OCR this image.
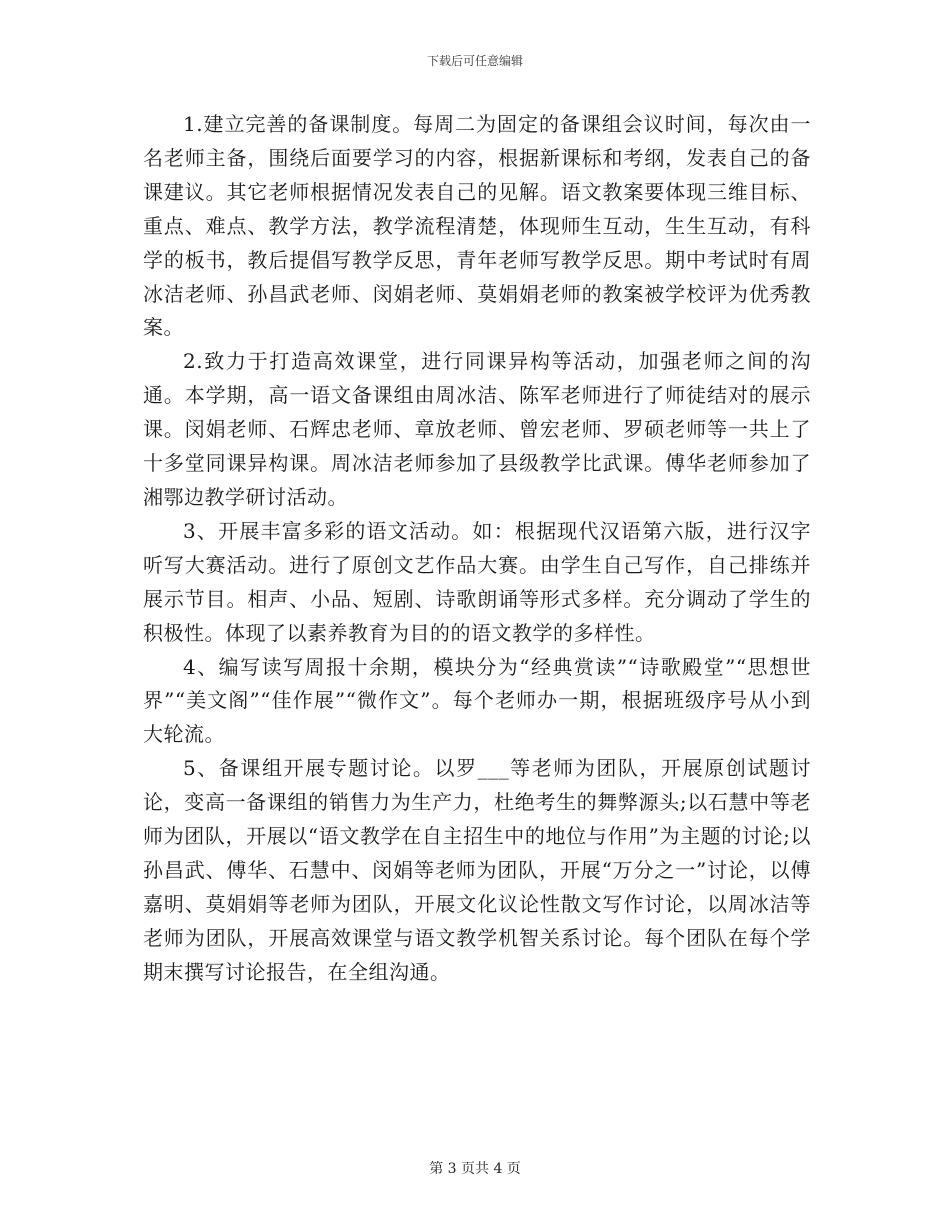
下载后可任意编辑

1.建立完善的备课制度。每周二为固定的备课组会议时间，每次由一名老师主备，围绕后面要学习的内容，根据新课标和考纲，发表自己的备课建议。其它老师根据情况发表自己的见解。语文教案要体现三维目标、重点、难点、教学方法，教学流程清楚，体现师生互动，生生互动，有科学的板书，教后提倡写教学反思，青年老师写教学反思。期中考试时有周冰洁老师、孙昌武老师、闵娟老师、莫娟娟老师的教案被学校评为优秀教案。

2.致力于打造高效课堂，进行同课异构等活动，加强老师之间的沟通。本学期，高一语文备课组由周冰洁、陈军老师进行了师徒结对的展示课。闵娟老师、石辉忠老师、章放老师、曾宏老师、罗硕老师等一共上了十多堂同课异构课。周冰洁老师参加了县级教学比武课。傅华老师参加了湘鄂边教学研讨活动。

3、开展丰富多彩的语文活动。如：根据现代汉语第六版，进行汉字听写大赛活动。进行了原创文艺作品大赛。由学生自己写作，自己排练并展示节目。相声、小品、短剧、诗歌朗诵等形式多样。充分调动了学生的积极性。体现了以素养教育为目的的语文教学的多样性。

4、编写读写周报十余期，模块分为“经典赏读”“诗歌殿堂”“思想世界”“美文阁”“佳作展”“微作文”。每个老师办一期，根据班级序号从小到大轮流。

5、备课组开展专题讨论。以罗___等老师为团队，开展原创试题讨论，变高一备课组的销售力为生产力，杜绝考生的舞弊源头;以石慧中等老师为团队，开展以“语文教学在自主招生中的地位与作用”为主题的讨论;以孙昌武、傅华、石慧中、闵娟等老师为团队，开展“万分之一”讨论，以傅嘉明、莫娟娟等老师为团队，开展文化议论性散文写作讨论，以周冰洁等老师为团队，开展高效课堂与语文教学机智关系讨论。每个团队在每个学期末撰写讨论报告，在全组沟通。

第 3 页共 4 页
